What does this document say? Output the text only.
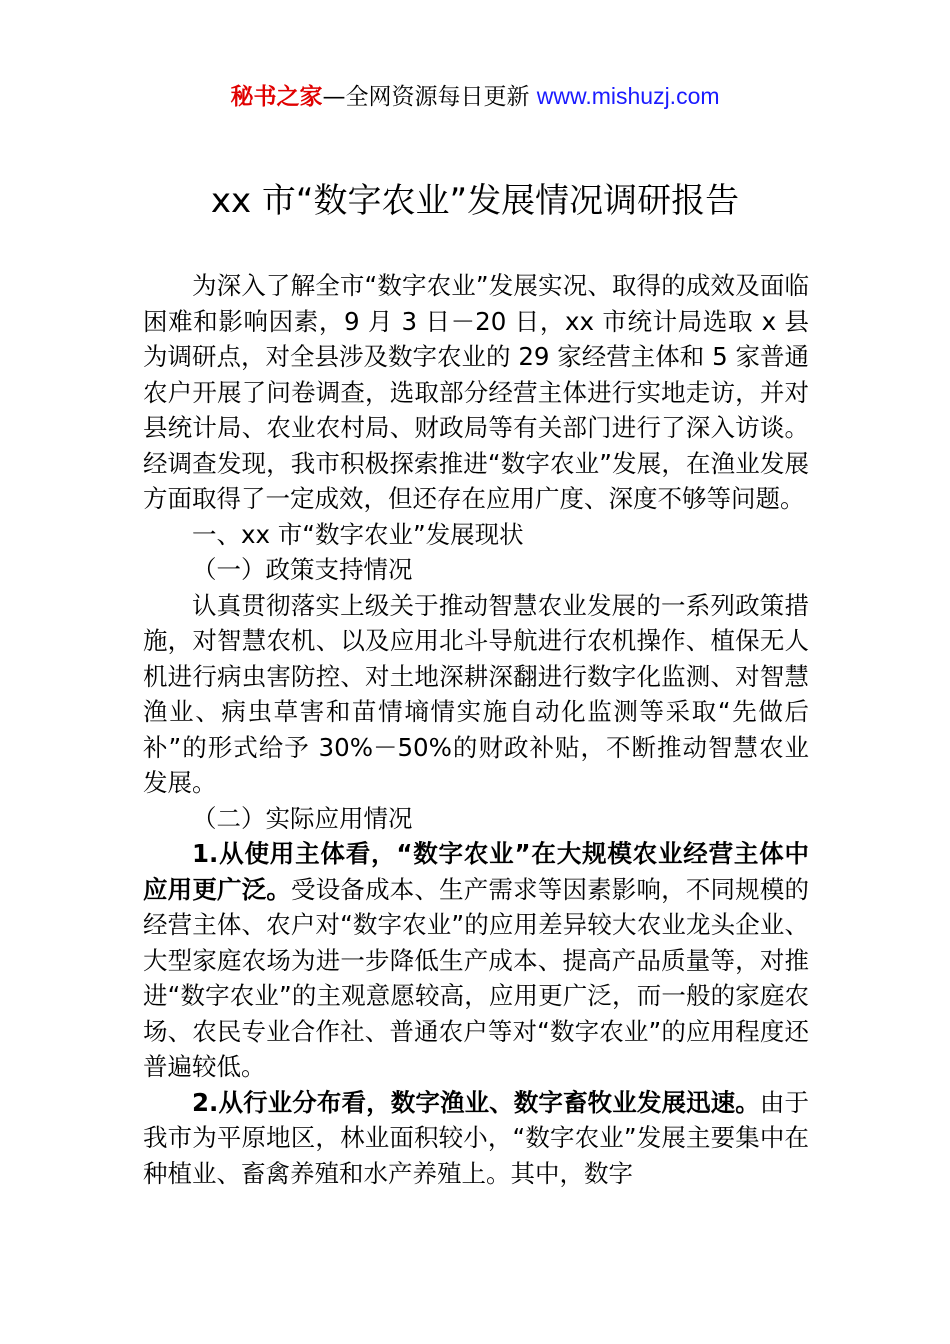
秘书之家—全网资源每日更新 www.mishuzj.com
xx 市“数字农业”发展情况调研报告

为深入了解全市“数字农业”发展实况、取得的成效及面临困难和影响因素，9 月 3 日－20 日，xx 市统计局选取 x 县为调研点，对全县涉及数字农业的 29 家经营主体和 5 家普通农户开展了问卷调查，选取部分经营主体进行实地走访，并对县统计局、农业农村局、财政局等有关部门进行了深入访谈。经调查发现，我市积极探索推进“数字农业”发展，在渔业发展方面取得了一定成效，但还存在应用广度、深度不够等问题。

一、xx 市“数字农业”发展现状

（一）政策支持情况

认真贯彻落实上级关于推动智慧农业发展的一系列政策措施，对智慧农机、以及应用北斗导航进行农机操作、植保无人机进行病虫害防控、对土地深耕深翻进行数字化监测、对智慧渔业、病虫草害和苗情墒情实施自动化监测等采取“先做后补”的形式给予 30%－50%的财政补贴，不断推动智慧农业发展。

（二）实际应用情况

1.从使用主体看，“数字农业”在大规模农业经营主体中应用更广泛。受设备成本、生产需求等因素影响，不同规模的经营主体、农户对“数字农业”的应用差异较大农业龙头企业、大型家庭农场为进一步降低生产成本、提高产品质量等，对推进“数字农业”的主观意愿较高，应用更广泛，而一般的家庭农场、农民专业合作社、普通农户等对“数字农业”的应用程度还普遍较低。

2.从行业分布看，数字渔业、数字畜牧业发展迅速。由于我市为平原地区，林业面积较小，“数字农业”发展主要集中在种植业、畜禽养殖和水产养殖上。其中，数字
